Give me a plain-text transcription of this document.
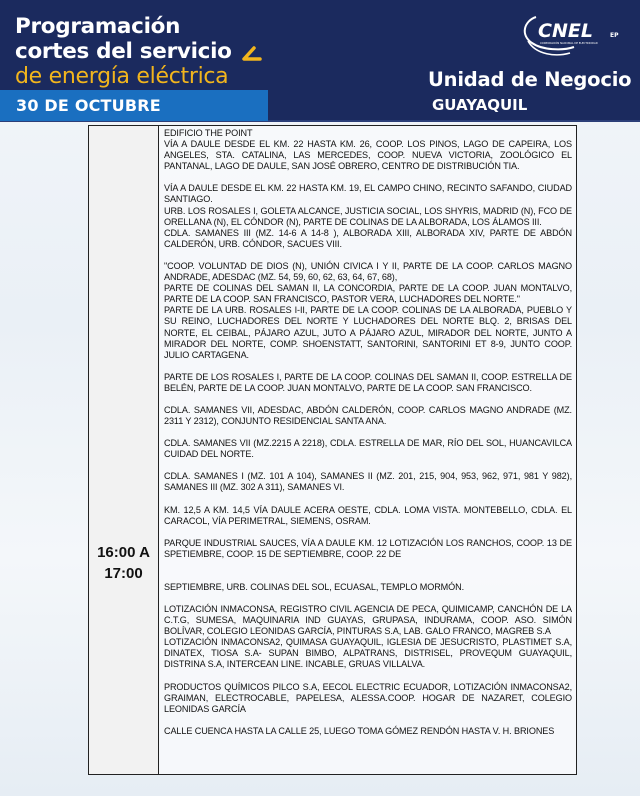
Programación
cortes del servicio
de energía eléctrica
30 DE OCTUBRE
CNEL	EP
CORPORACIÓN NACIONAL DE ELECTRICIDAD
Unidad de Negocio
GUAYAQUIL
16:00 A
17:00

EDIFICIO THE POINT

VÍA A DAULE DESDE EL KM. 22 HASTA KM. 26, COOP. LOS PINOS, LAGO DE CAPEIRA, LOS ANGELES, STA. CATALINA, LAS MERCEDES, COOP. NUEVA VICTORIA, ZOOLÓGICO EL PANTANAL, LAGO DE DAULE, SAN JOSÉ OBRERO, CENTRO DE DISTRIBUCIÓN TIA.

VÍA A DAULE DESDE EL KM. 22 HASTA KM. 19, EL CAMPO CHINO, RECINTO SAFANDO, CIUDAD SANTIAGO.

URB. LOS ROSALES I, GOLETA ALCANCE, JUSTICIA SOCIAL, LOS SHYRIS, MADRID (N), FCO DE ORELLANA (N), EL CÓNDOR (N), PARTE DE COLINAS DE LA ALBORADA, LOS ÁLAMOS III.

CDLA. SAMANES III (MZ. 14-6 A 14-8 ), ALBORADA XIII, ALBORADA XIV, PARTE DE ABDÓN CALDERÓN, URB. CÓNDOR, SACUES VIII.

"COOP. VOLUNTAD DE DIOS (N), UNIÓN CIVICA I Y II, PARTE DE LA COOP. CARLOS MAGNO ANDRADE, ADESDAC (MZ. 54, 59, 60, 62, 63, 64, 67, 68),

PARTE DE COLINAS DEL SAMAN II, LA CONCORDIA, PARTE DE LA COOP. JUAN MONTALVO, PARTE DE LA COOP. SAN FRANCISCO, PASTOR VERA, LUCHADORES DEL NORTE."

PARTE DE LA URB. ROSALES I-II, PARTE DE LA COOP. COLINAS DE LA ALBORADA, PUEBLO Y SU REINO, LUCHADORES DEL NORTE Y LUCHADORES DEL NORTE BLQ. 2, BRISAS DEL NORTE, EL CEIBAL, PÁJARO AZUL, JUTO A PÁJARO AZUL, MIRADOR DEL NORTE, JUNTO A MIRADOR DEL NORTE, COMP. SHOENSTATT, SANTORINI, SANTORINI ET 8-9, JUNTO COOP. JULIO CARTAGENA.

PARTE DE LOS ROSALES I, PARTE DE LA COOP. COLINAS DEL SAMAN II, COOP. ESTRELLA DE BELÉN, PARTE DE LA COOP. JUAN MONTALVO, PARTE DE LA COOP. SAN FRANCISCO.

CDLA. SAMANES VII, ADESDAC, ABDÓN CALDERÓN, COOP. CARLOS MAGNO ANDRADE (MZ. 2311 Y 2312), CONJUNTO RESIDENCIAL SANTA ANA.

CDLA. SAMANES VII (MZ.2215 A 2218), CDLA. ESTRELLA DE MAR, RÍO DEL SOL, HUANCAVILCA CUIDAD DEL NORTE.

CDLA. SAMANES I (MZ. 101 A 104), SAMANES II (MZ. 201, 215, 904, 953, 962, 971, 981 Y 982), SAMANES III (MZ. 302 A 311), SAMANES VI.

KM. 12,5 A KM. 14,5 VÍA DAULE ACERA OESTE, CDLA. LOMA VISTA. MONTEBELLO, CDLA. EL CARACOL, VÍA PERIMETRAL, SIEMENS, OSRAM.

PARQUE INDUSTRIAL SAUCES, VÍA A DAULE KM. 12 LOTIZACIÓN LOS RANCHOS, COOP. 13 DE SPETIEMBRE, COOP. 15 DE SEPTIEMBRE, COOP. 22 DE

SEPTIEMBRE, URB. COLINAS DEL SOL, ECUASAL, TEMPLO MORMÓN.

LOTIZACIÓN INMACONSA, REGISTRO CIVIL AGENCIA DE PECA, QUIMICAMP, CANCHÓN DE LA C.T.G, SUMESA, MAQUINARIA IND GUAYAS, GRUPASA, INDURAMA, COOP. ASO. SIMÓN BOLÍVAR, COLEGIO LEONIDAS GARCÍA, PINTURAS S.A, LAB. GALO FRANCO, MAGREB S.A

LOTIZACIÓN INMACONSA2, QUIMASA GUAYAQUIL, IGLESIA DE JESUCRISTO, PLASTIMET S.A, DINATEX, TIOSA S.A- SUPAN BIMBO, ALPATRANS, DISTRISEL, PROVEQUM GUAYAQUIL, DISTRINA S.A, INTERCEAN LINE. INCABLE, GRUAS VILLALVA.

PRODUCTOS QUÍMICOS PILCO S.A, EECOL ELECTRIC ECUADOR, LOTIZACIÓN INMACONSA2, GRAIMAN, ELECTROCABLE, PAPELESA, ALESSA.COOP. HOGAR DE NAZARET, COLEGIO LEONIDAS GARCÍA

CALLE CUENCA HASTA LA CALLE 25, LUEGO TOMA GÓMEZ RENDÓN HASTA V. H. BRIONES
